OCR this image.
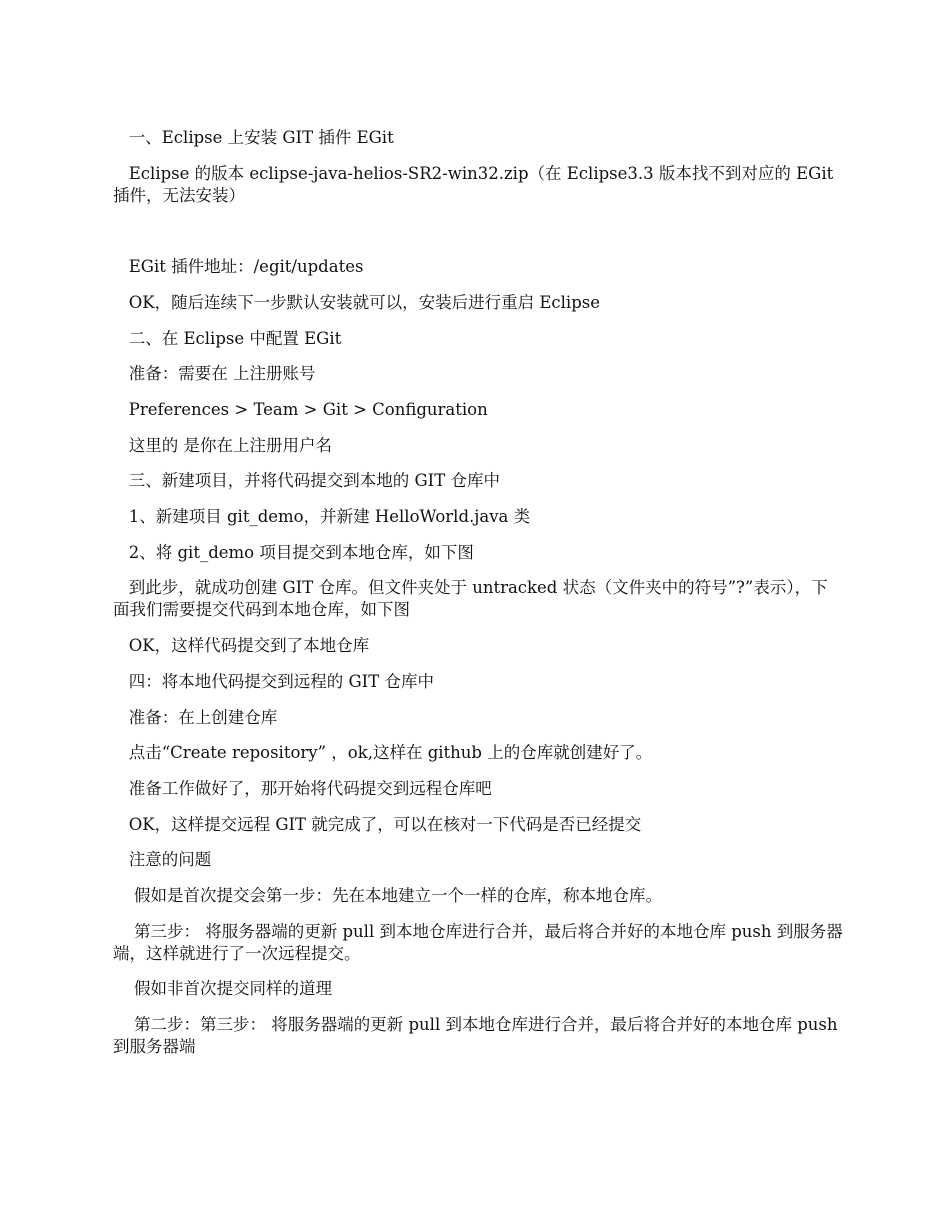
一、Eclipse 上安装 GIT 插件 EGit

Eclipse 的版本 eclipse-java-helios-SR2-win32.zip（在 Eclipse3.3 版本找不到对应的 EGit 插件，无法安装）

EGit 插件地址：/egit/updates

OK，随后连续下一步默认安装就可以，安装后进行重启 Eclipse

二、在 Eclipse 中配置 EGit

准备：需要在 上注册账号

Preferences > Team > Git > Configuration

这里的 是你在上注册用户名

三、新建项目，并将代码提交到本地的 GIT 仓库中

1、新建项目 git_demo，并新建 HelloWorld.java 类

2、将 git_demo 项目提交到本地仓库，如下图

到此步，就成功创建 GIT 仓库。但文件夹处于 untracked 状态（文件夹中的符号”?”表示），下面我们需要提交代码到本地仓库，如下图

OK，这样代码提交到了本地仓库

四：将本地代码提交到远程的 GIT 仓库中

准备：在上创建仓库

点击“Create repository” ，ok,这样在 github 上的仓库就创建好了。

准备工作做好了，那开始将代码提交到远程仓库吧

OK，这样提交远程 GIT 就完成了，可以在核对一下代码是否已经提交

注意的问题

假如是首次提交会第一步：先在本地建立一个一样的仓库，称本地仓库。

第三步： 将服务器端的更新 pull 到本地仓库进行合并，最后将合并好的本地仓库 push 到服务器端，这样就进行了一次远程提交。

假如非首次提交同样的道理

第二步：第三步： 将服务器端的更新 pull 到本地仓库进行合并，最后将合并好的本地仓库 push 到服务器端
